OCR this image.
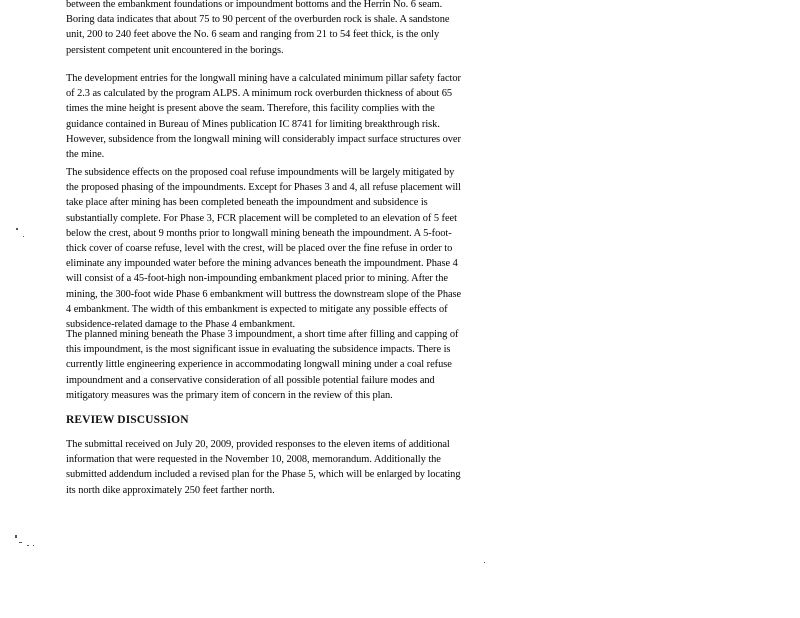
between the embankment foundations or impoundment bottoms and the Herrin No. 6 seam.
Boring data indicates that about 75 to 90 percent of the overburden rock is shale. A sandstone
unit, 200 to 240 feet above the No. 6 seam and ranging from 21 to 54 feet thick, is the only
persistent competent unit encountered in the borings.
The development entries for the longwall mining have a calculated minimum pillar safety factor
of 2.3 as calculated by the program ALPS. A minimum rock overburden thickness of about 65
times the mine height is present above the seam. Therefore, this facility complies with the
guidance contained in Bureau of Mines publication IC 8741 for limiting breakthrough risk.
However, subsidence from the longwall mining will considerably impact surface structures over
the mine.
The subsidence effects on the proposed coal refuse impoundments will be largely mitigated by
the proposed phasing of the impoundments. Except for Phases 3 and 4, all refuse placement will
take place after mining has been completed beneath the impoundment and subsidence is
substantially complete. For Phase 3, FCR placement will be completed to an elevation of 5 feet
below the crest, about 9 months prior to longwall mining beneath the impoundment. A 5-foot-
thick cover of coarse refuse, level with the crest, will be placed over the fine refuse in order to
eliminate any impounded water before the mining advances beneath the impoundment. Phase 4
will consist of a 45-foot-high non-impounding embankment placed prior to mining. After the
mining, the 300-foot wide Phase 6 embankment will buttress the downstream slope of the Phase
4 embankment. The width of this embankment is expected to mitigate any possible effects of
subsidence-related damage to the Phase 4 embankment.
The planned mining beneath the Phase 3 impoundment, a short time after filling and capping of
this impoundment, is the most significant issue in evaluating the subsidence impacts. There is
currently little engineering experience in accommodating longwall mining under a coal refuse
impoundment and a conservative consideration of all possible potential failure modes and
mitigatory measures was the primary item of concern in the review of this plan.
REVIEW DISCUSSION
The submittal received on July 20, 2009, provided responses to the eleven items of additional
information that were requested in the November 10, 2008, memorandum. Additionally the
submitted addendum included a revised plan for the Phase 5, which will be enlarged by locating
its north dike approximately 250 feet farther north.
